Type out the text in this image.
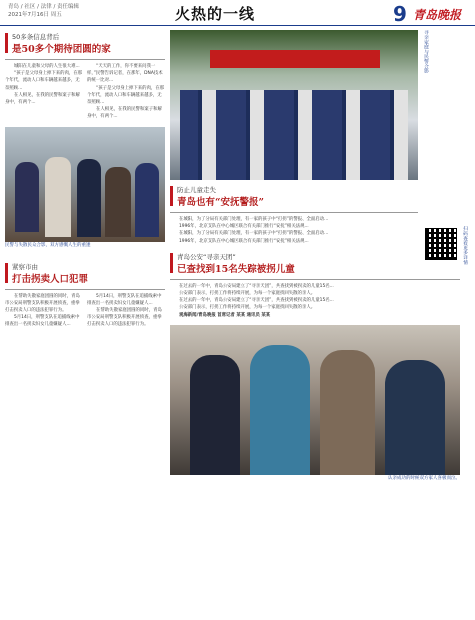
青岛 / 社区 / 法律 / 责任编辑
2021年7月16日 周五	火热的一线	9 青岛晚报
50多条信息背后
是50多个期待团圆的家

城阳在儿童和父母的人生很大难...

“孩子是父母身上掉下来的肉，在那个年代，流动人口和车辆越来越多，无奈照顾...

在人相见，在我的民警和案子和解身中，有两个...

“天天的工作，你不要来问我一样，”民警告诉记者，在那年，DNA技术的统一比对...

“孩子是父母身上掉下来的肉，在那个年代，流动人口和车辆越来越多，无奈照顾...

在人相见，在我的民警和案子和解身中，有两个...

民警与失散民众合影，双方感慨人生的重逢
紧察市由
打击拐卖人口犯罪

在帮助失散家庭团圆的同时，青岛市公安局刑警支队积极开展侦查，重拳打击拐卖人口的违法犯罪行为。

5月14日，刑警支队在追捕线索中排查出一名拐卖妇女儿童嫌疑人...

5月14日，刑警支队在追捕线索中排查出一名拐卖妇女儿童嫌疑人...

在帮助失散家庭团圆的同时，青岛市公安局刑警支队积极开展侦查，重拳打击拐卖人口的违法犯罪行为。

寻亲家庭与民警合影
防止儿童走失
青岛也有“安抚警报”

在城阳，为了分局有关部门处理，有一家的孩子中“打拐”的警报、全面启动...

1996年，北京支队在中心城区联合有关部门推行“安抚”相关法规...

在城阳，为了分局有关部门处理，有一家的孩子中“打拐”的警报、全面启动...

1996年，北京支队在中心城区联合有关部门推行“安抚”相关法规...

青岛公安“寻亲天团”
已查找到15名失踪被拐儿童

在过去的一年中，青岛公安局建立了“寻亲天团”，共查找到被拐卖的儿童15名...

公安部门表示，打拐工作将持续开展，为每一个家庭找回失散的亲人。

在过去的一年中，青岛公安局建立了“寻亲天团”，共查找到被拐卖的儿童15名...

公安部门表示，打拐工作将持续开展，为每一个家庭找回失散的亲人。

观海新闻/青岛晚报 首席记者 某某 通讯员 某某

认亲成功的时候双方家人喜极而泣。
扫码查看更多详情
